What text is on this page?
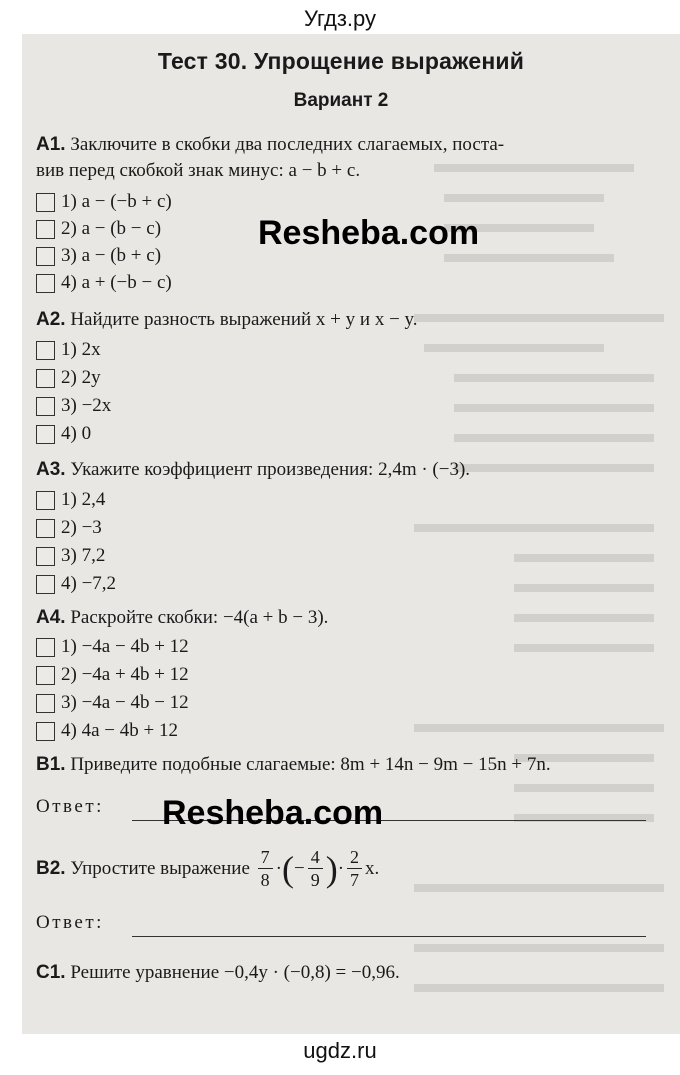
Угдз.ру
Тест 30. Упрощение выражений
Вариант 2
А1. Заключите в скобки два последних слагаемых, поста-
вив перед скобкой знак минус: a − b + c.
1) a − (−b + c)
2) a − (b − c)
3) a − (b + c)
4) a + (−b − c)
А2. Найдите разность выражений x + y и x − y.
1) 2x
2) 2y
3) −2x
4) 0
А3. Укажите коэффициент произведения: 2,4m · (−3).
1) 2,4
2) −3
3) 7,2
4) −7,2
А4. Раскройте скобки: −4(a + b − 3).
1) −4a − 4b + 12
2) −4a + 4b + 12
3) −4a − 4b − 12
4) 4a − 4b + 12
В1. Приведите подобные слагаемые: 8m + 14n − 9m − 15n + 7n.
Ответ:
В2.
Упростите выражение
$\frac{7}{8}$ · ( − $\frac{4}{9}$ ) · $\frac{2}{7} x$.
Ответ:
С1. Решите уравнение −0,4y · (−0,8) = −0,96.
Resheba.com
Resheba.com
ugdz.ru
